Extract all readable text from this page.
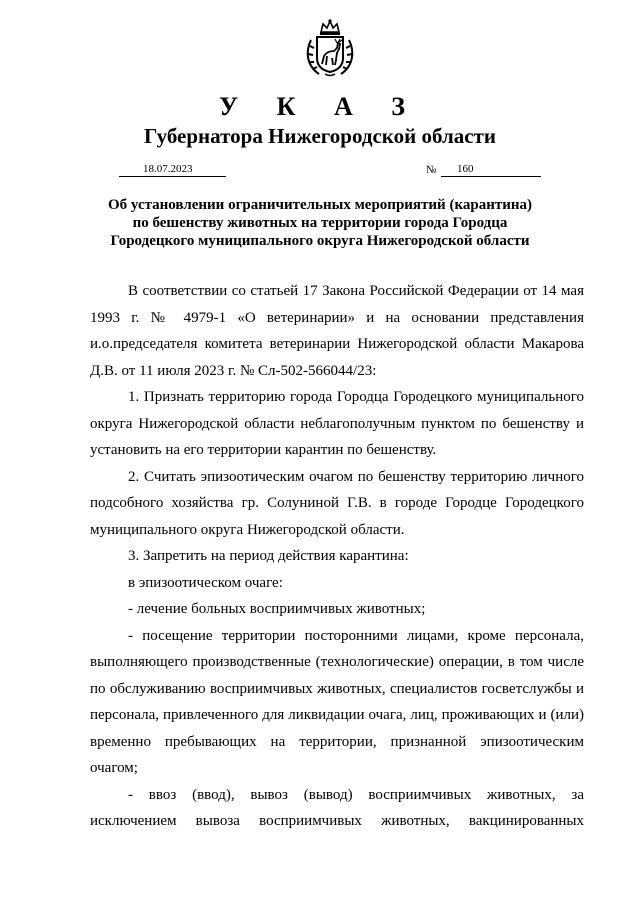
У К А З
Губернатора Нижегородской области
18.07.2023	№	160
Об установлении ограничительных мероприятий (карантина)
по бешенству животных на территории города Городца
Городецкого муниципального округа Нижегородской области

В соответствии со статьей 17 Закона Российской Федерации от 14 мая 1993 г. № 4979-1 «О ветеринарии» и на основании представления и.о.председателя комитета ветеринарии Нижегородской области Макарова Д.В. от 11 июля 2023 г. № Сл-502-566044/23:

1. Признать территорию города Городца Городецкого муниципального округа Нижегородской области неблагополучным пунктом по бешенству и установить на его территории карантин по бешенству.

2. Считать эпизоотическим очагом по бешенству территорию личного подсобного хозяйства гр. Солуниной Г.В. в городе Городце Городецкого муниципального округа Нижегородской области.

3. Запретить на период действия карантина:

в эпизоотическом очаге:

- лечение больных восприимчивых животных;

- посещение территории посторонними лицами, кроме персонала, выполняющего производственные (технологические) операции, в том числе по обслуживанию восприимчивых животных, специалистов госветслужбы и персонала, привлеченного для ликвидации очага, лиц, проживающих и (или) временно пребывающих на территории, признанной эпизоотическим очагом;

- ввоз (ввод), вывоз (вывод) восприимчивых животных, за исключением вывоза восприимчивых животных, вакцинированных
